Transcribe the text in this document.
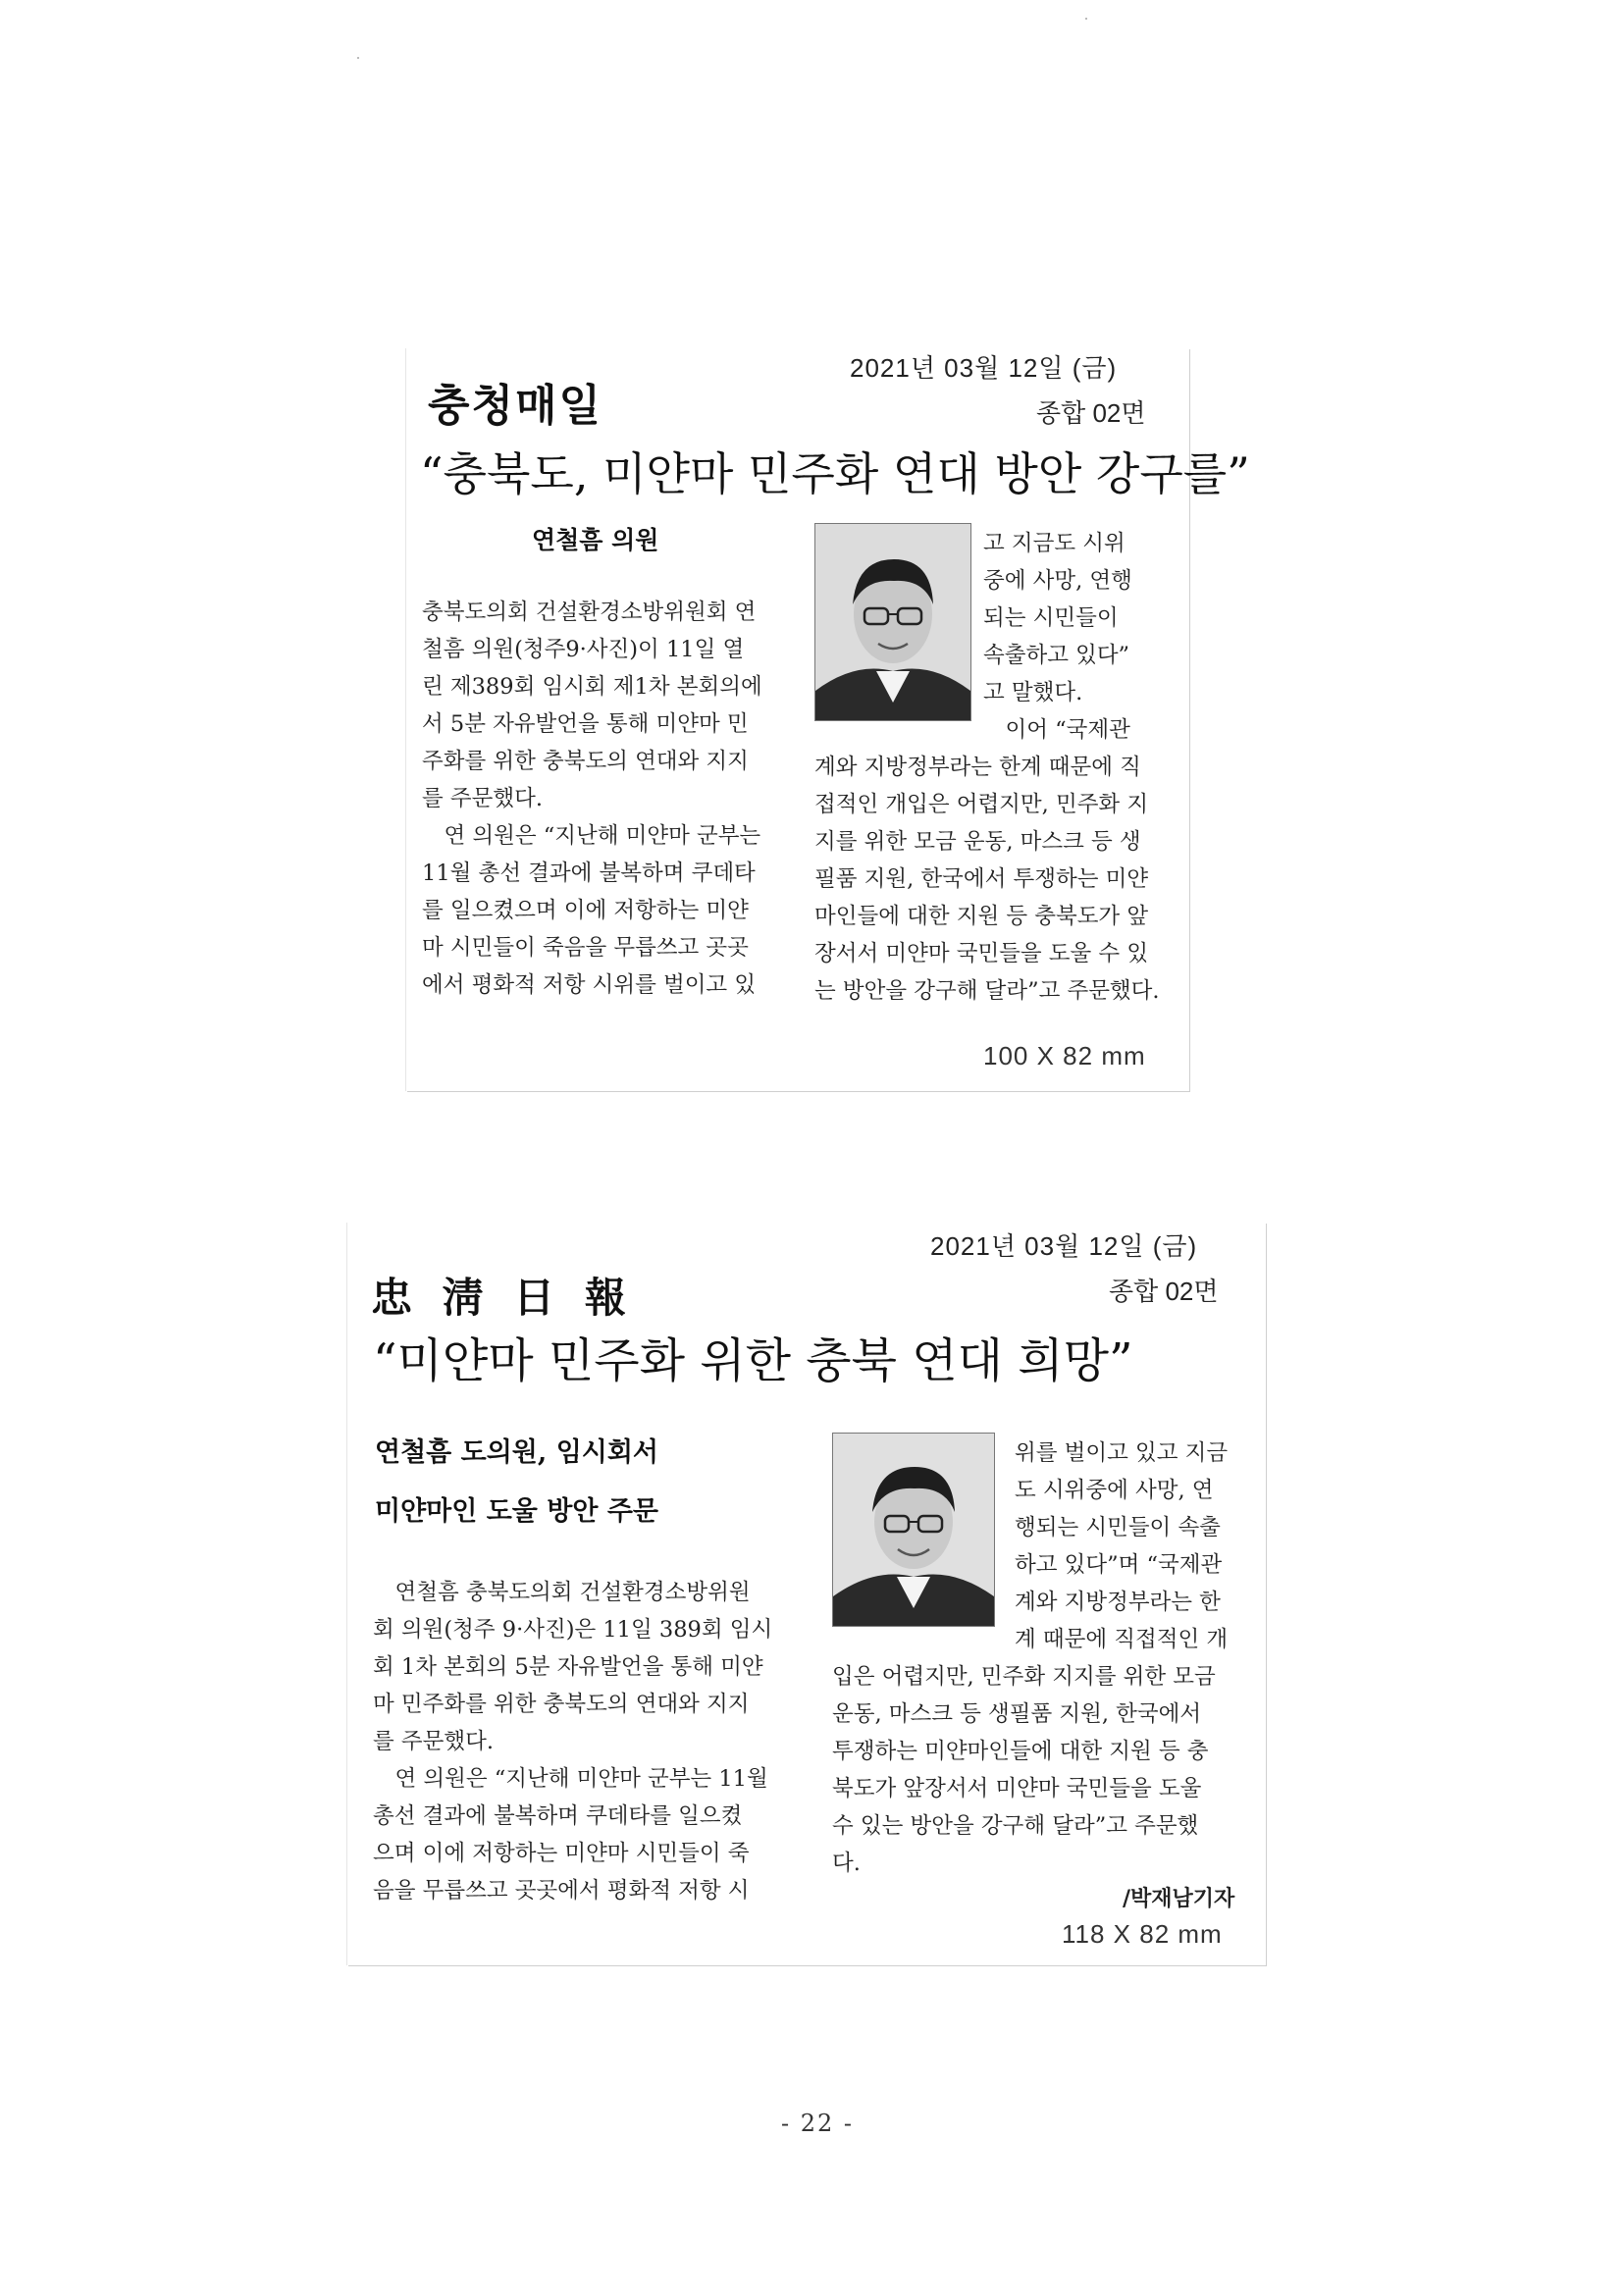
2021년 03월 12일 (금)
충청매일	종합 02면
“충북도, 미얀마 민주화 연대 방안 강구를”
연철흠 의원
충북도의회 건설환경소방위원회 연
철흠 의원(청주9·사진)이 11일 열
린 제389회 임시회 제1차 본회의에
서 5분 자유발언을 통해 미얀마 민
주화를 위한 충북도의 연대와 지지
를 주문했다.
　연 의원은 “지난해 미얀마 군부는
11월 총선 결과에 불복하며 쿠데타
를 일으켰으며 이에 저항하는 미얀
마 시민들이 죽음을 무릅쓰고 곳곳
에서 평화적 저항 시위를 벌이고 있
고 지금도 시위
중에 사망, 연행
되는 시민들이
속출하고 있다”
고 말했다.
　이어 “국제관
계와 지방정부라는 한계 때문에 직
접적인 개입은 어렵지만, 민주화 지
지를 위한 모금 운동, 마스크 등 생
필품 지원, 한국에서 투쟁하는 미얀
마인들에 대한 지원 등 충북도가 앞
장서서 미얀마 국민들을 도울 수 있
는 방안을 강구해 달라”고 주문했다.
100 X 82 mm
2021년 03월 12일 (금)
忠 淸 日 報	종합 02면
“미얀마 민주화 위한 충북 연대 희망”
연철흠 도의원, 임시회서
미얀마인 도울 방안 주문
　연철흠 충북도의회 건설환경소방위원
회 의원(청주 9·사진)은 11일 389회 임시
회 1차 본회의 5분 자유발언을 통해 미얀
마 민주화를 위한 충북도의 연대와 지지
를 주문했다.
　연 의원은 “지난해 미얀마 군부는 11월
총선 결과에 불복하며 쿠데타를 일으켰
으며 이에 저항하는 미얀마 시민들이 죽
음을 무릅쓰고 곳곳에서 평화적 저항 시
위를 벌이고 있고 지금
도 시위중에 사망, 연
행되는 시민들이 속출
하고 있다”며 “국제관
계와 지방정부라는 한
계 때문에 직접적인 개
입은 어렵지만, 민주화 지지를 위한 모금
운동, 마스크 등 생필품 지원, 한국에서
투쟁하는 미얀마인들에 대한 지원 등 충
북도가 앞장서서 미얀마 국민들을 도울
수 있는 방안을 강구해 달라”고 주문했
다.
/박재남기자
118 X 82 mm
- 22 -
